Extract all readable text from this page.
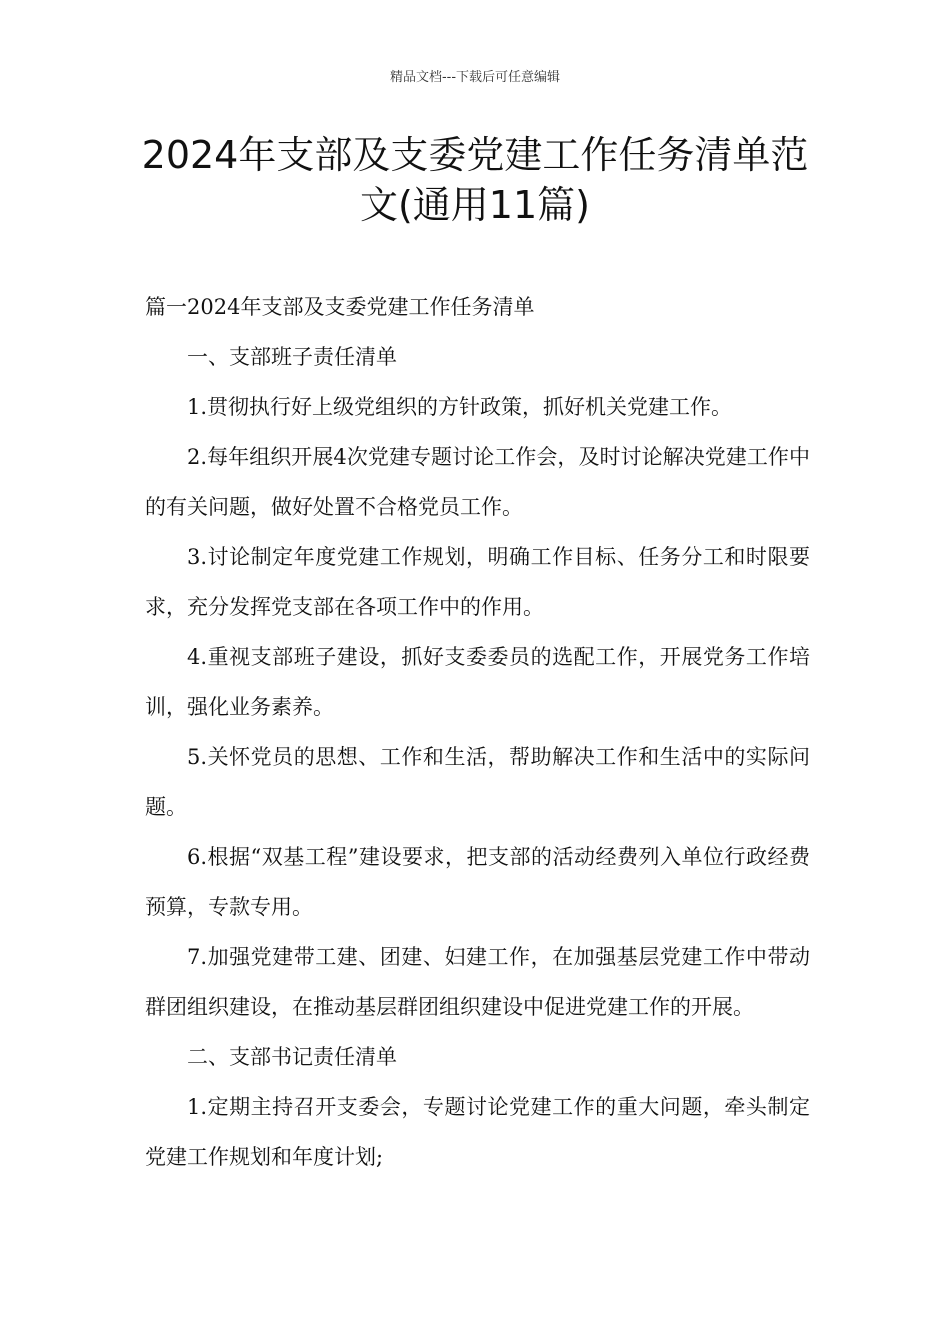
精品文档---下载后可任意编辑
2024年支部及支委党建工作任务清单范文(通用11篇)

篇一2024年支部及支委党建工作任务清单

一、支部班子责任清单

1.贯彻执行好上级党组织的方针政策，抓好机关党建工作。

2.每年组织开展4次党建专题讨论工作会，及时讨论解决党建工作中的有关问题，做好处置不合格党员工作。

3.讨论制定年度党建工作规划，明确工作目标、任务分工和时限要求，充分发挥党支部在各项工作中的作用。

4.重视支部班子建设，抓好支委委员的选配工作，开展党务工作培训，强化业务素养。

5.关怀党员的思想、工作和生活，帮助解决工作和生活中的实际问题。

6.根据“双基工程”建设要求，把支部的活动经费列入单位行政经费预算，专款专用。

7.加强党建带工建、团建、妇建工作，在加强基层党建工作中带动群团组织建设，在推动基层群团组织建设中促进党建工作的开展。

二、支部书记责任清单

1.定期主持召开支委会，专题讨论党建工作的重大问题，牵头制定党建工作规划和年度计划;
